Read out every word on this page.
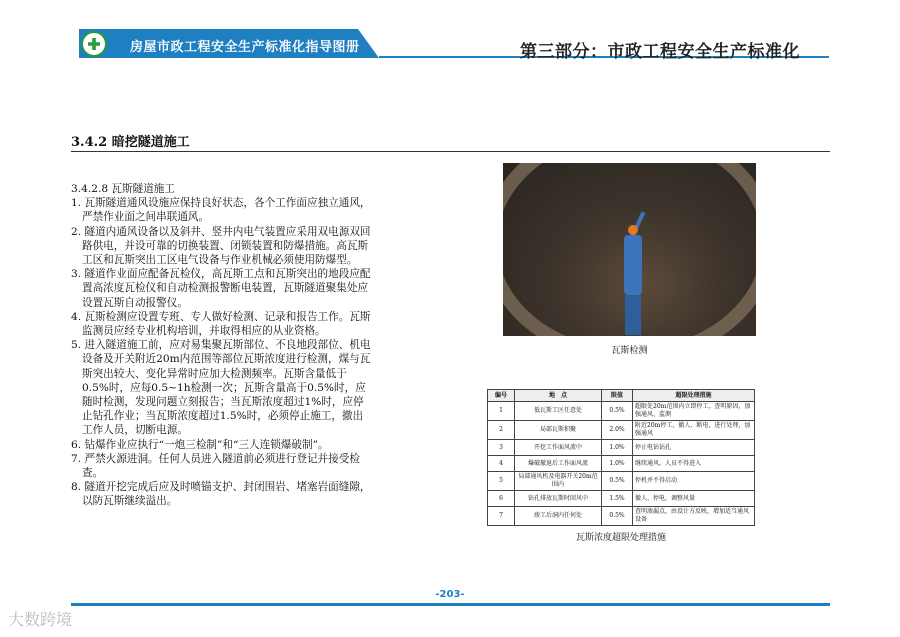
房屋市政工程安全生产标准化指导图册	第三部分：市政工程安全生产标准化
3.4.2 暗挖隧道施工
3.4.2.8 瓦斯隧道施工

1. 瓦斯隧道通风设施应保持良好状态，各个工作面应独立通风，严禁作业面之间串联通风。

2. 隧道内通风设备以及斜井、竖井内电气装置应采用双电源双回路供电，并设可靠的切换装置、闭锁装置和防爆措施。高瓦斯工区和瓦斯突出工区电气设备与作业机械必须使用防爆型。

3. 隧道作业面应配备瓦检仪，高瓦斯工点和瓦斯突出的地段应配置高浓度瓦检仪和自动检测报警断电装置，瓦斯隧道聚集处应设置瓦斯自动报警仪。

4. 瓦斯检测应设置专班、专人做好检测、记录和报告工作。瓦斯监测员应经专业机构培训，并取得相应的从业资格。

5. 进入隧道施工前，应对易集聚瓦斯部位、不良地段部位、机电设备及开关附近20m内范围等部位瓦斯浓度进行检测，煤与瓦斯突出较大、变化异常时应加大检测频率。瓦斯含量低于0.5%时，应每0.5~1h检测一次；瓦斯含量高于0.5%时，应随时检测，发现问题立刻报告；当瓦斯浓度超过1%时，应停止钻孔作业；当瓦斯浓度超过1.5%时，必须停止施工，撤出工作人员，切断电源。

6. 钻爆作业应执行“一炮三检制”和“三人连锁爆破制”。

7. 严禁火源进洞。任何人员进入隧道前必须进行登记并接受检查。

8. 隧道开挖完成后应及时喷锚支护、封闭围岩、堵塞岩面缝隙，以防瓦斯继续溢出。

瓦斯检测
编号	地　点	限值	超限处理措施
1	低瓦斯工区任意处	0.5%	超限处20m范围内立即停工，查明原因，加强通风、监测
2	局部瓦斯积聚	2.0%	附近20m停工，撤人、断电，进行处理，加强通风
3	开挖工作面风流中	1.0%	停止电钻钻孔
4	爆破撤退后工作面风流	1.0%	继续通风，人员不得进入
5	局部通风机及电器开关20m范围内	0.5%	停机并不得启动
6	钻孔排放瓦斯时回风中	1.5%	撤人、停电，调整风量
7	竣工后洞内任何处	0.5%	查明渗漏点，由设计方反映，增加适当通风设备
瓦斯浓度超限处理措施
-203-
大数跨境
